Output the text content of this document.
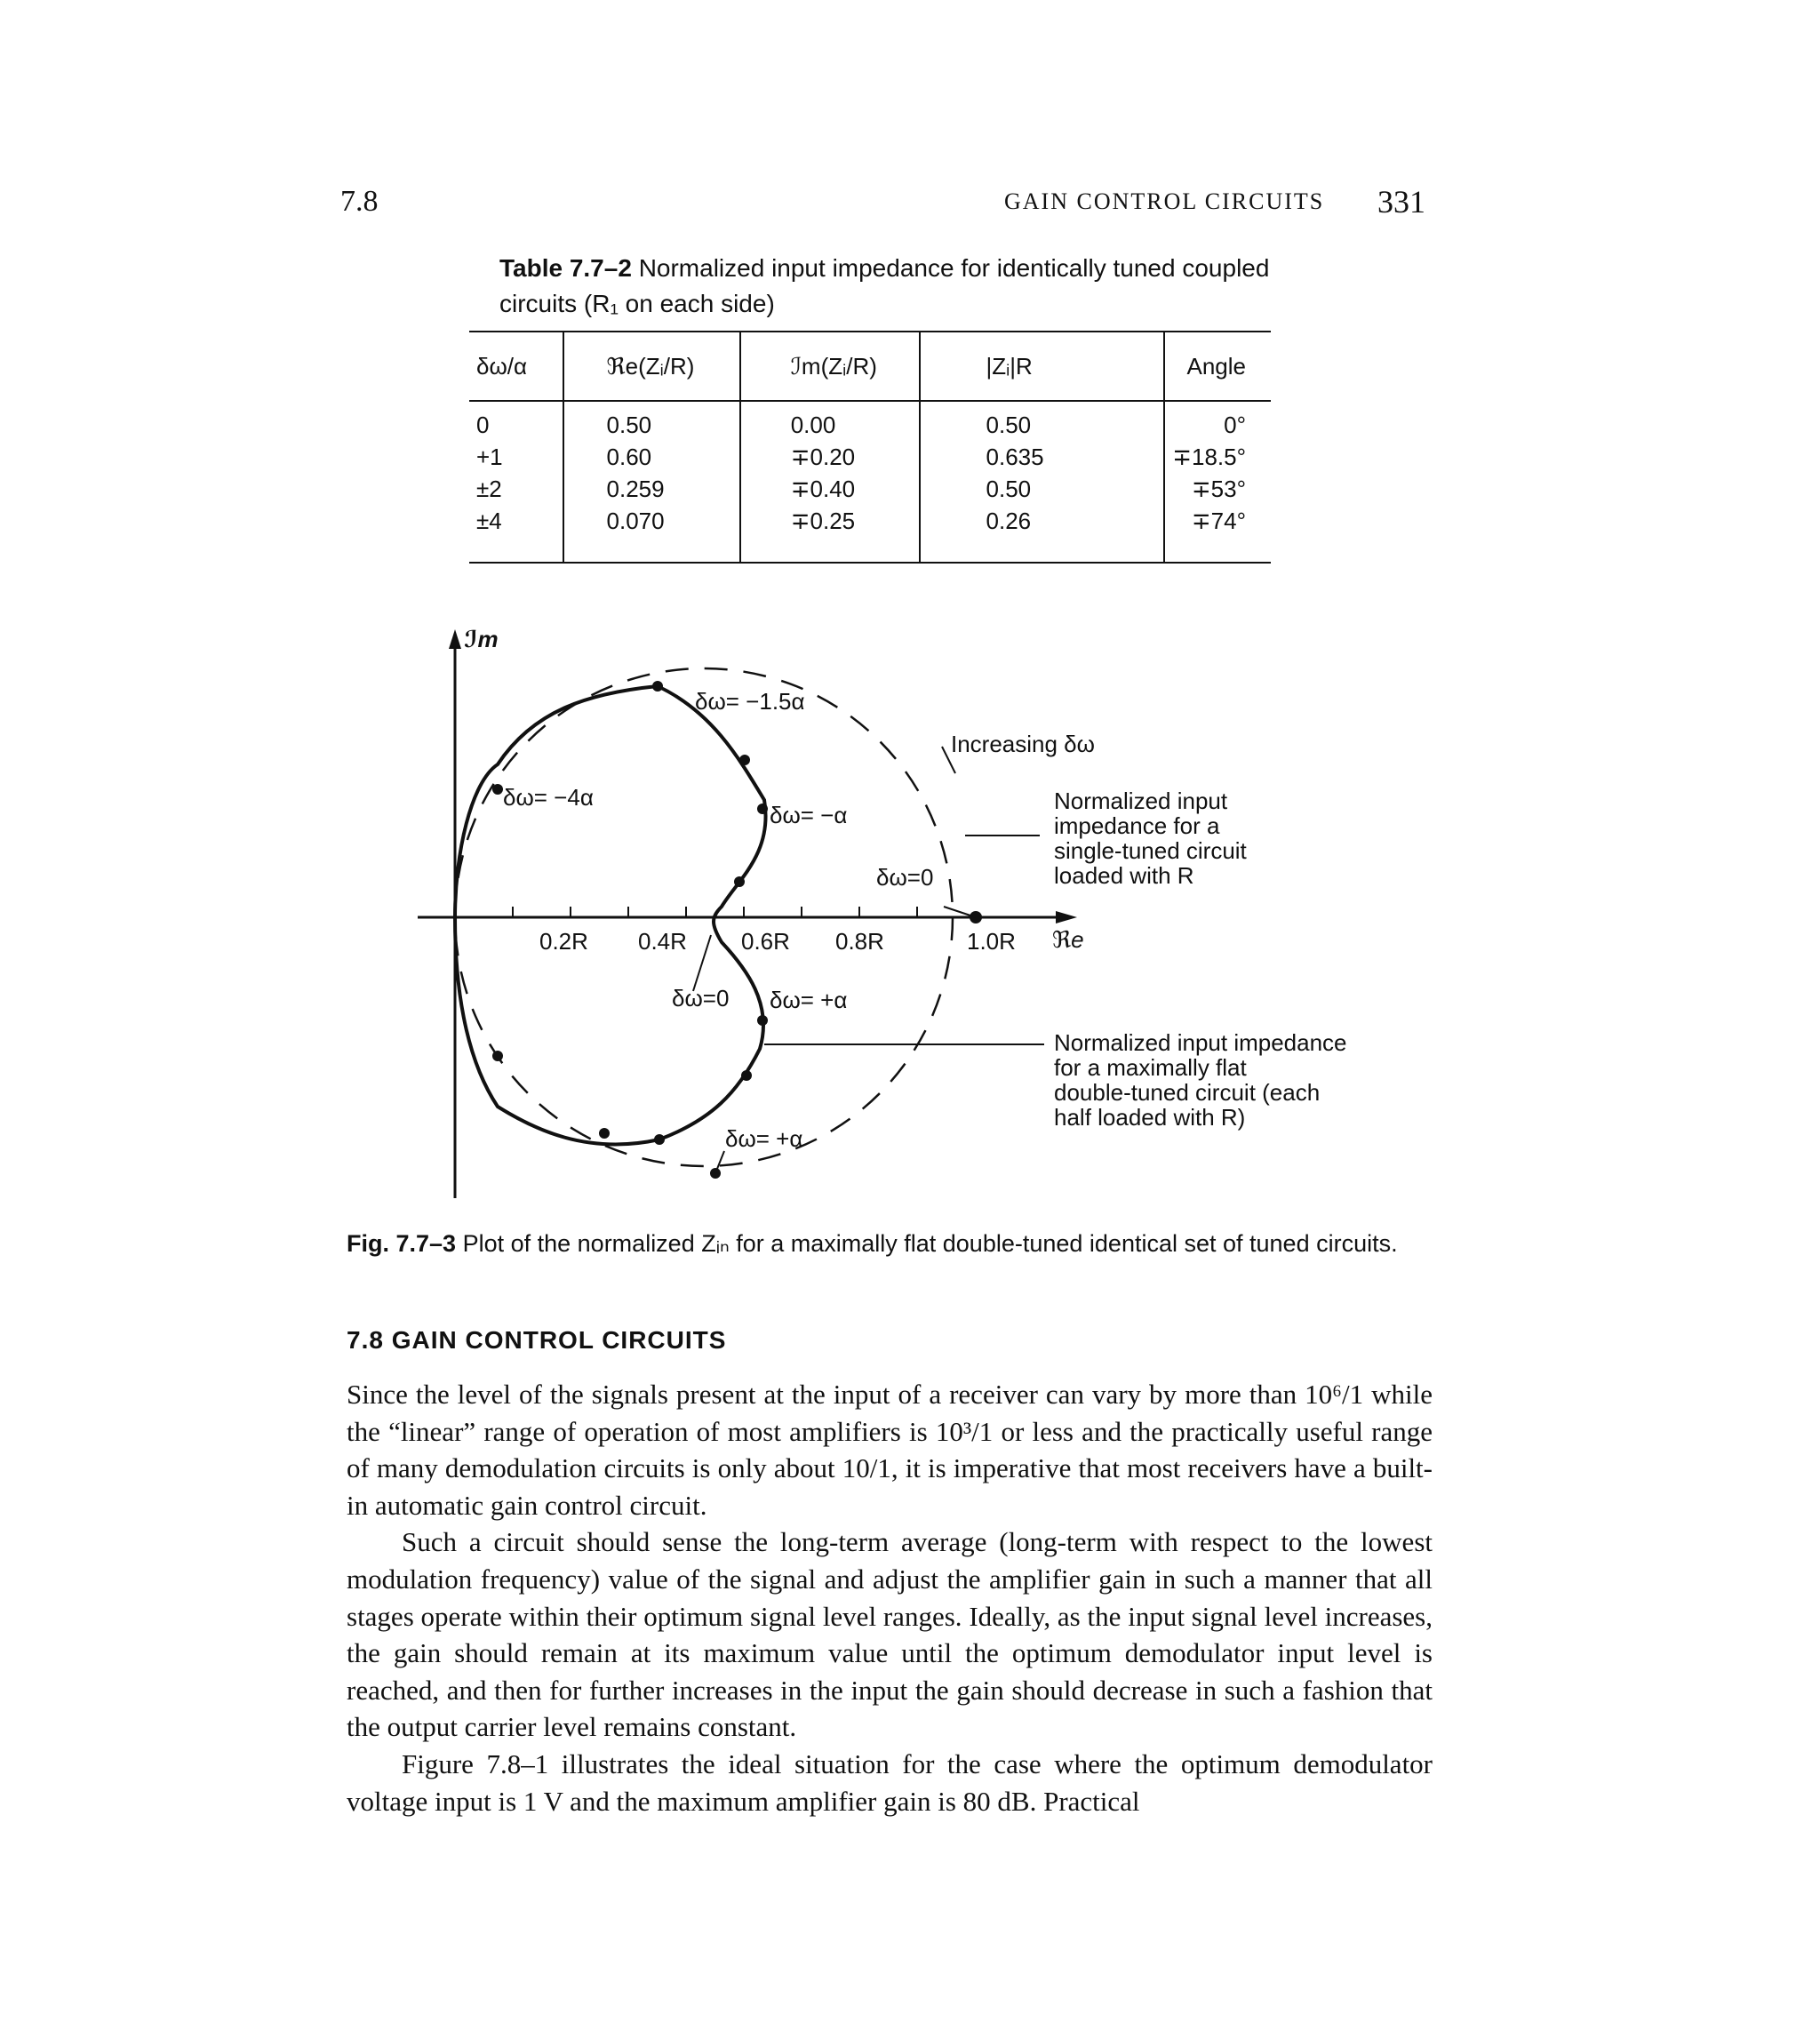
7.8	GAIN CONTROL CIRCUITS 331
Table 7.7–2 Normalized input impedance for identically tuned coupled circuits (R₁ on each side)
δω/α	ℜe(Zᵢ/R)	ℐm(Zᵢ/R)	|Zᵢ|R	Angle
0	0.50	0.00	0.50	0°
+1	0.60	∓0.20	0.635	∓18.5°
±2	0.259	∓0.40	0.50	∓53°
±4	0.070	∓0.25	0.26	∓74°
ℐm
ℜe
0.2R 0.4R 0.6R 0.8R	1.0R
δω= −1.5α
δω= −4α
δω= −α
δω=0
δω=0 δω= +α
δω= +α
Increasing δω
Normalized input
impedance for a
single-tuned circuit
loaded with R
Normalized input impedance
for a maximally flat
double-tuned circuit (each
half loaded with R)
Fig. 7.7–3 Plot of the normalized Zᵢₙ for a maximally flat double-tuned identical set of tuned circuits.
7.8 GAIN CONTROL CIRCUITS

Since the level of the signals present at the input of a receiver can vary by more than 10⁶/1 while the “linear” range of operation of most amplifiers is 10³/1 or less and the practically useful range of many demodulation circuits is only about 10/1, it is imperative that most receivers have a built-in automatic gain control circuit.

Such a circuit should sense the long-term average (long-term with respect to the lowest modulation frequency) value of the signal and adjust the amplifier gain in such a manner that all stages operate within their optimum signal level ranges. Ideally, as the input signal level increases, the gain should remain at its maximum value until the optimum demodulator input level is reached, and then for further increases in the input the gain should decrease in such a fashion that the output carrier level remains constant.

Figure 7.8–1 illustrates the ideal situation for the case where the optimum demodulator voltage input is 1 V and the maximum amplifier gain is 80 dB. Practical
